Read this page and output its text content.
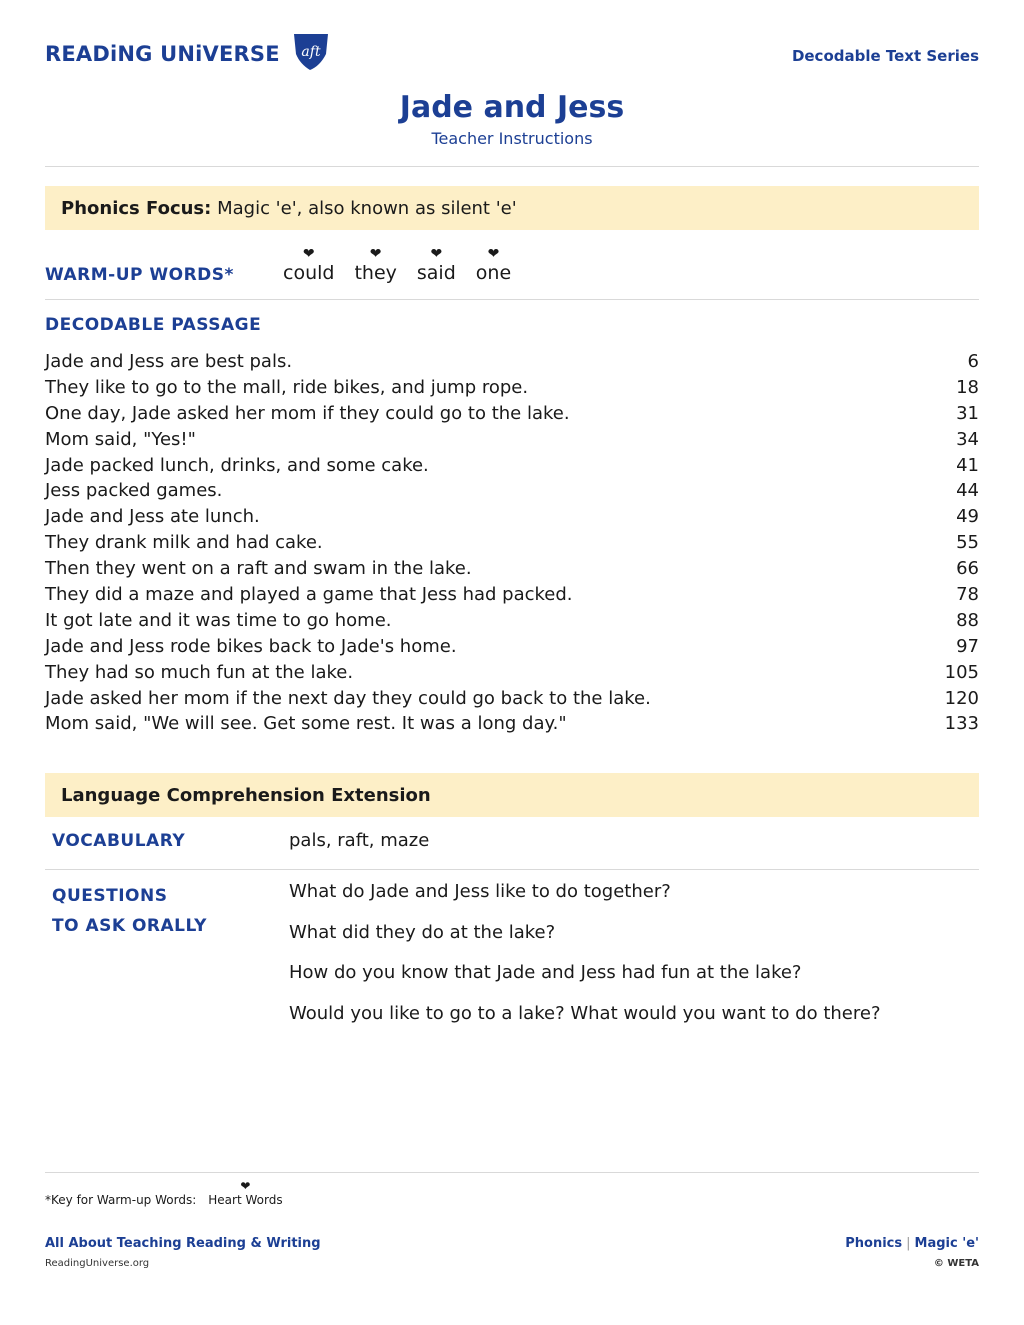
READiNG UNiVERSE aft	Decodable Text Series
Jade and Jess
Teacher Instructions
Phonics Focus:
Magic 'e', also known as silent 'e'
WARM-UP WORDS*
❤
could
❤
they
❤
said
❤
one
DECODABLE PASSAGE
Jade and Jess are best pals.	6
They like to go to the mall, ride bikes, and jump rope.	18
One day, Jade asked her mom if they could go to the lake.	31
Mom said, "Yes!"	34
Jade packed lunch, drinks, and some cake.	41
Jess packed games.	44
Jade and Jess ate lunch.	49
They drank milk and had cake.	55
Then they went on a raft and swam in the lake.	66
They did a maze and played a game that Jess had packed.	78
It got late and it was time to go home.	88
Jade and Jess rode bikes back to Jade's home.	97
They had so much fun at the lake.	105
Jade asked her mom if the next day they could go back to the lake.	120
Mom said, "We will see. Get some rest. It was a long day."	133
Language Comprehension Extension
VOCABULARY	pals, raft, maze
QUESTIONS
TO ASK ORALLY
What do Jade and Jess like to do together?
What did they do at the lake?
How do you know that Jade and Jess had fun at the lake?
Would you like to go to a lake? What would you want to do there?
*Key for Warm-up Words:
❤
Heart Words
All About Teaching Reading & Writing
ReadingUniverse.org
Phonics | Magic 'e'
© WETA
